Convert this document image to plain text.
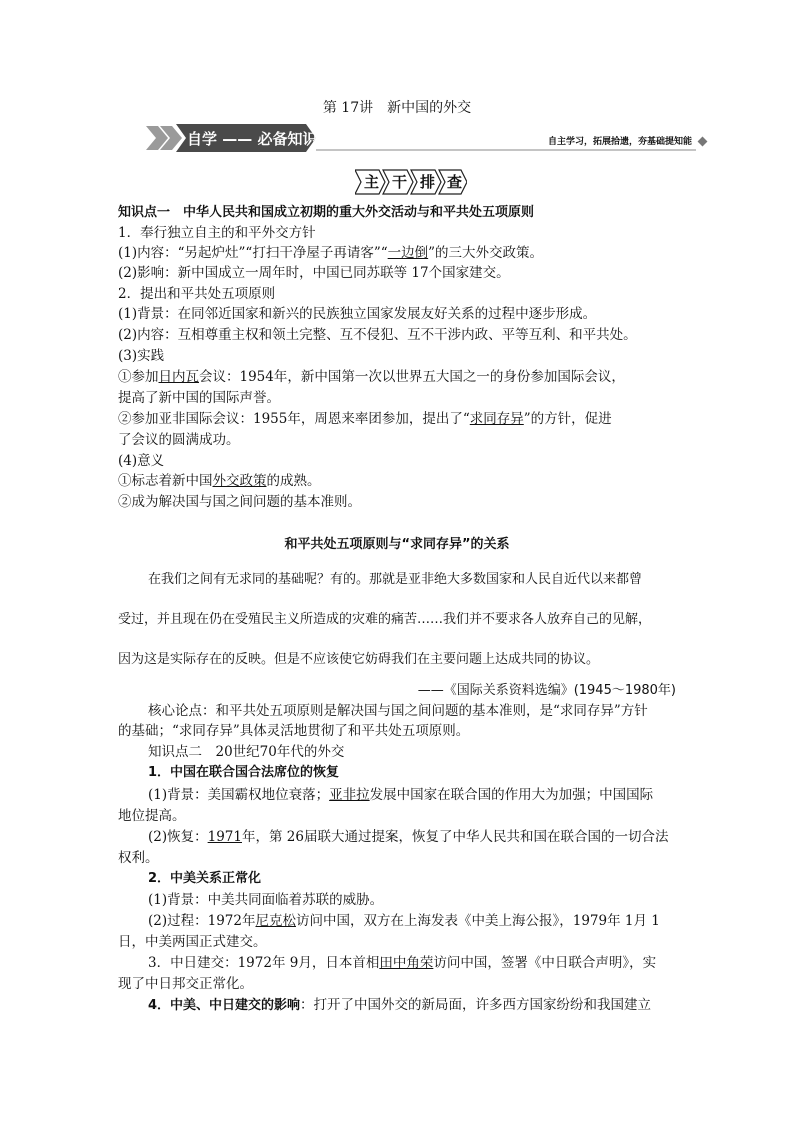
第 17讲　新中国的外交
自学 —— 必备知识	自主学习，拓展拾遗，夯基础提知能
主 干 排 查
知识点一　中华人民共和国成立初期的重大外交活动与和平共处五项原则
1．奉行独立自主的和平外交方针
(1)内容：“另起炉灶”“打扫干净屋子再请客”“一边倒”的三大外交政策。
(2)影响：新中国成立一周年时，中国已同苏联等 17个国家建交。
2．提出和平共处五项原则
(1)背景：在同邻近国家和新兴的民族独立国家发展友好关系的过程中逐步形成。
(2)内容：互相尊重主权和领土完整、互不侵犯、互不干涉内政、平等互利、和平共处。
(3)实践
①参加日内瓦会议：1954年，新中国第一次以世界五大国之一的身份参加国际会议，
提高了新中国的国际声誉。
②参加亚非国际会议：1955年，周恩来率团参加，提出了“求同存异”的方针，促进
了会议的圆满成功。
(4)意义
①标志着新中国外交政策的成熟。
②成为解决国与国之间问题的基本准则。
和平共处五项原则与“求同存异”的关系
在我们之间有无求同的基础呢？有的。那就是亚非绝大多数国家和人民自近代以来都曾
受过，并且现在仍在受殖民主义所造成的灾难的痛苦……我们并不要求各人放弃自己的见解，
因为这是实际存在的反映。但是不应该使它妨碍我们在主要问题上达成共同的协议。
——《国际关系资料选编》(1945～1980年)
核心论点：和平共处五项原则是解决国与国之间问题的基本准则，是“求同存异”方针
的基础；“求同存异”具体灵活地贯彻了和平共处五项原则。
知识点二　20世纪70年代的外交
1．中国在联合国合法席位的恢复
(1)背景：美国霸权地位衰落；亚非拉发展中国家在联合国的作用大为加强；中国国际
地位提高。
(2)恢复：1971年，第 26届联大通过提案，恢复了中华人民共和国在联合国的一切合法
权利。
2．中美关系正常化
(1)背景：中美共同面临着苏联的威胁。
(2)过程：1972年尼克松访问中国，双方在上海发表《中美上海公报》，1979年 1月 1
日，中美两国正式建交。
3．中日建交：1972年 9月，日本首相田中角荣访问中国，签署《中日联合声明》，实
现了中日邦交正常化。
4．中美、中日建交的影响：打开了中国外交的新局面，许多西方国家纷纷和我国建立
